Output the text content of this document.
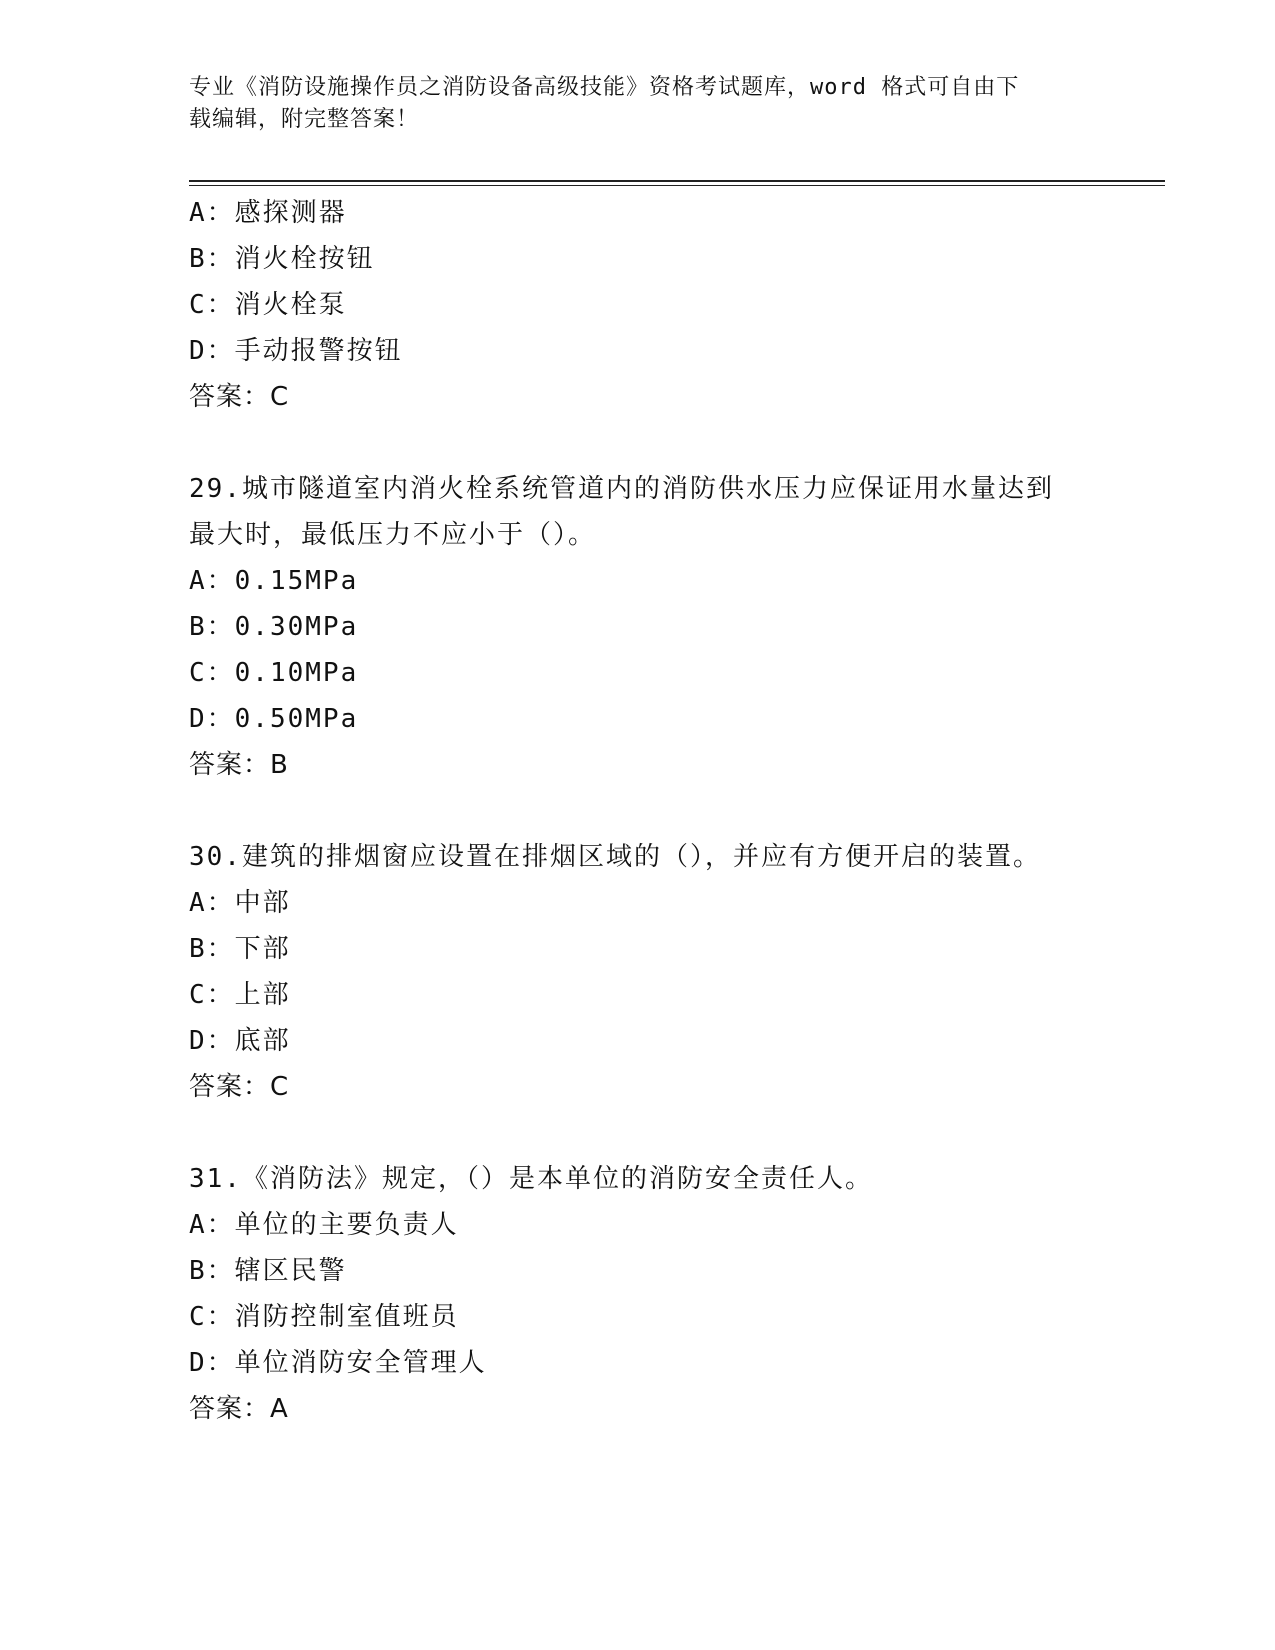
专业《消防设施操作员之消防设备高级技能》资格考试题库，word 格式可自由下
载编辑，附完整答案！
A：感探测器
B：消火栓按钮
C：消火栓泵
D：手动报警按钮
答案：C
29.城市隧道室内消火栓系统管道内的消防供水压力应保证用水量达到
最大时，最低压力不应小于（）。
A：0.15MPa
B：0.30MPa
C：0.10MPa
D：0.50MPa
答案：B
30.建筑的排烟窗应设置在排烟区域的（），并应有方便开启的装置。
A：中部
B：下部
C：上部
D：底部
答案：C
31.《消防法》规定，（）是本单位的消防安全责任人。
A：单位的主要负责人
B：辖区民警
C：消防控制室值班员
D：单位消防安全管理人
答案：A
